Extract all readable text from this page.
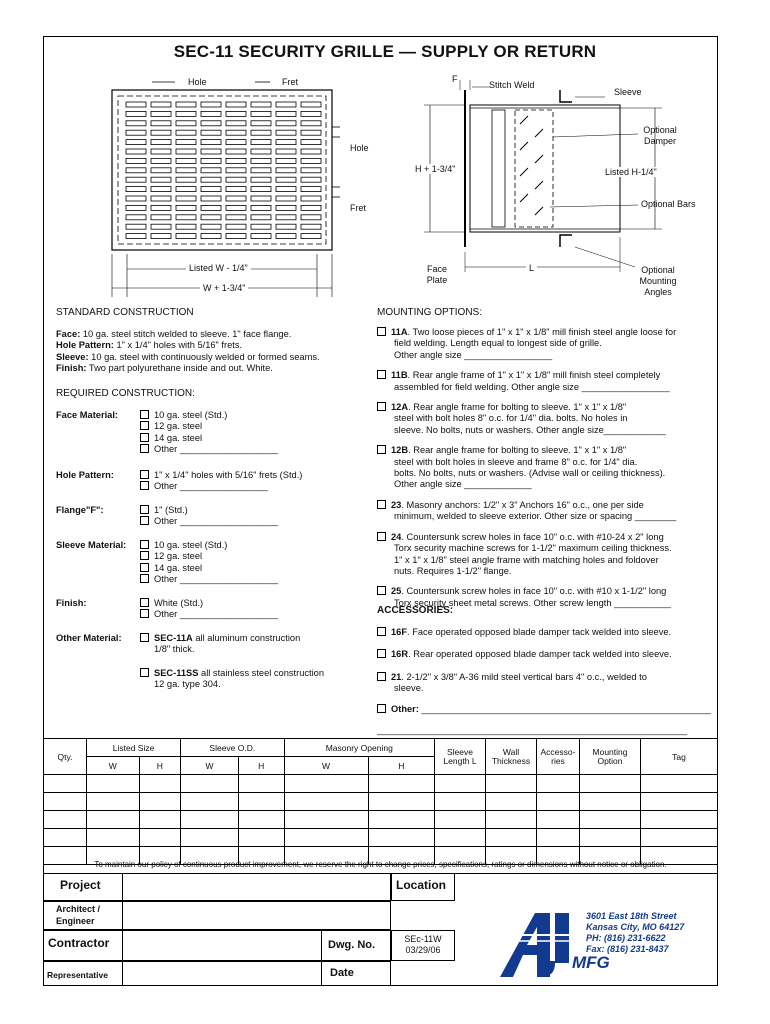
SEC-11 SECURITY GRILLE — SUPPLY OR RETURN
Hole	Fret
Hole
Fret
Listed W - 1/4"
W + 1-3/4"
F
Stitch Weld
Sleeve
Optional Damper
H + 1-3/4"	Listed H-1/4"
Optional Bars
Face Plate
L	Optional Mounting Angles
STANDARD CONSTRUCTION
Face: 10 ga. steel stitch welded to sleeve. 1" face flange.
Hole Pattern: 1" x 1/4" holes with 5/16" frets.
Sleeve: 10 ga. steel with continuously welded or formed seams.
Finish: Two part polyurethane inside and out. White.
REQUIRED CONSTRUCTION:
Face Material:	10 ga. steel (Std.)
12 ga. steel
14 ga. steel
Other ___________________
Hole Pattern:	1" x 1/4" holes with 5/16" frets (Std.)
Other _________________
Flange"F":	1" (Std.)
Other ___________________
Sleeve Material:	10 ga. steel (Std.)
12 ga. steel
14 ga. steel
Other ___________________
Finish:	White (Std.)
Other ___________________
Other Material:	SEC-11A all aluminum construction
1/8" thick.
SEC-11SS all stainless steel construction
12 ga. type 304.
MOUNTING OPTIONS:
11A. Two loose pieces of 1" x 1" x 1/8" mill finish steel angle loose for
field welding. Length equal to longest side of grille.
Other angle size _________________
11B. Rear angle frame of 1" x 1" x 1/8" mill finish steel completely
assembled for field welding. Other angle size _________________
12A. Rear angle frame for bolting to sleeve. 1" x 1" x 1/8"
steel with bolt holes 8" o.c. for 1/4" dia. bolts. No holes in
sleeve. No bolts, nuts or washers. Other angle size____________
12B. Rear angle frame for bolting to sleeve. 1" x 1" x 1/8"
steel with bolt holes in sleeve and frame 8" o.c. for 1/4" dia.
bolts. No bolts, nuts or washers. (Advise wall or ceiling thickness).
Other angle size _____________
23. Masonry anchors: 1/2" x 3" Anchors 16" o.c., one per side
minimum, welded to sleeve exterior. Other size or spacing ________
24. Countersunk screw holes in face 10" o.c. with #10-24 x 2" long
Torx security machine screws for 1-1/2" maximum ceiling thickness.
1" x 1" x 1/8" steel angle frame with matching holes and foldover
nuts. Requires 1-1/2" flange.
25. Countersunk screw holes in face 10" o.c. with #10 x 1-1/2" long
Torx security sheet metal screws. Other screw length ___________
ACCESSORIES:
16F. Face operated opposed blade damper tack welded into sleeve.
16R. Rear operated opposed blade damper tack welded into sleeve.
21. 2-1/2" x 3/8" A-36 mild steel vertical bars 4" o.c., welded to
sleeve.
Other: ________________________________________________________
____________________________________________________________
Qty.	Listed Size		Sleeve O.D.		Masonry Opening		Sleeve Length L	Wall Thickness	Accesso- ries	Mounting Option	Tag
	W	H	W	H	W	H					

To maintain our policy of continuous product improvement, we reserve the right to change prices, specifications, ratings or dimensions without notice or obligation.
Project	Location
Architect / Engineer
Contractor	Dwg. No.	SEc-11W
03/29/06
Representative	Date
3601 East 18th Street
Kansas City, MO 64127
PH: (816) 231-6622
Fax: (816) 231-8437
MFG
